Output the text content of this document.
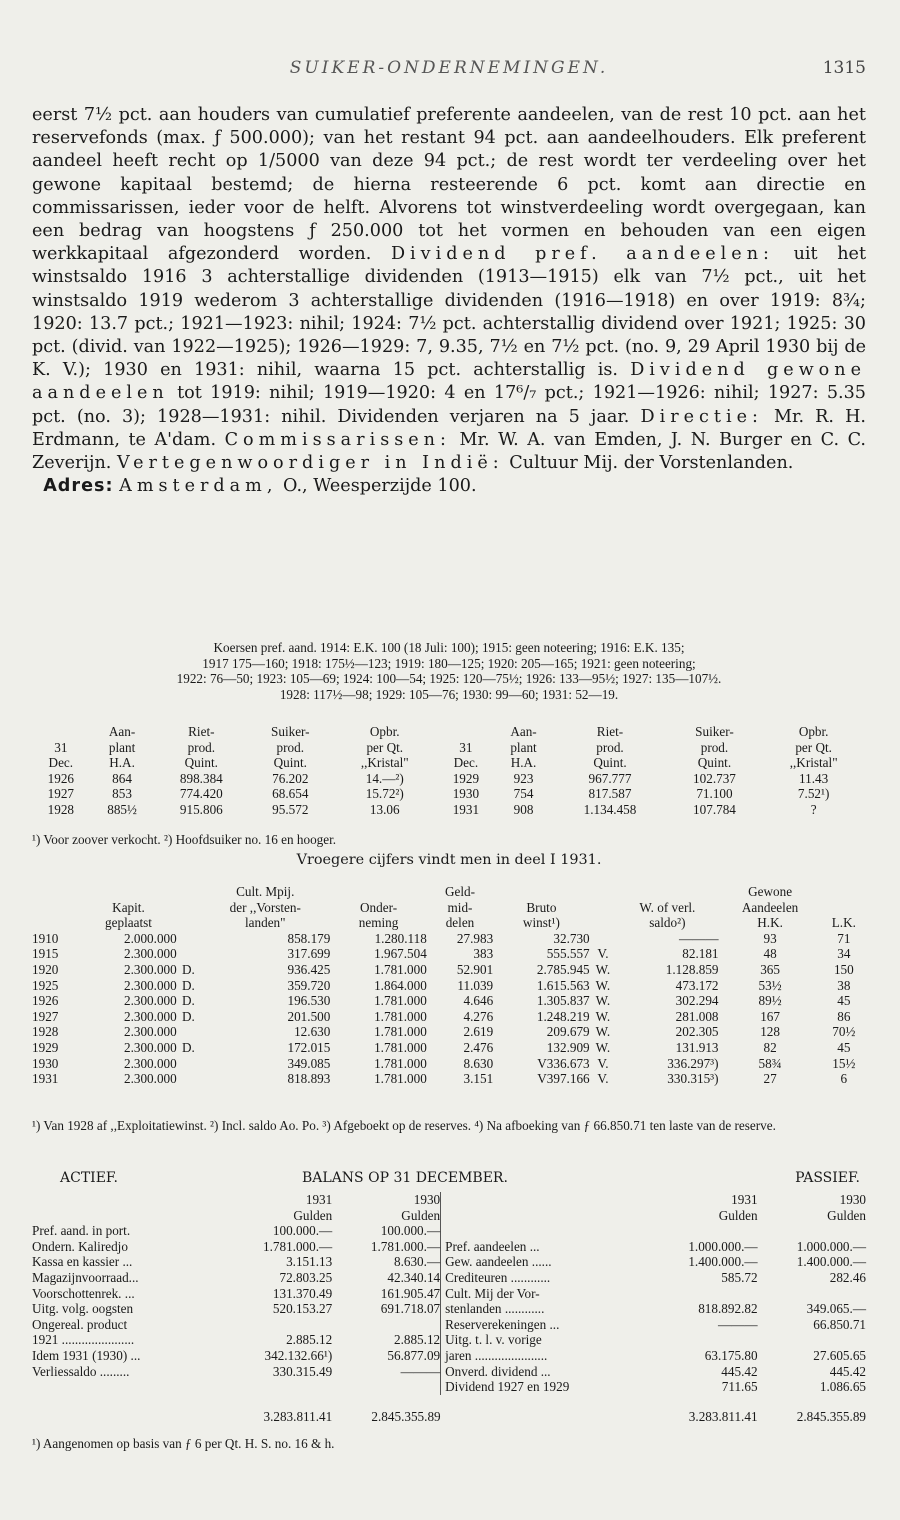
SUIKER-ONDERNEMINGEN.	1315

eerst 7½ pct. aan houders van cumulatief preferente aandeelen, van de rest 10 pct. aan het reservefonds (max. ƒ 500.000); van het restant 94 pct. aan aandeelhouders. Elk preferent aandeel heeft recht op 1/5000 van deze 94 pct.; de rest wordt ter verdeeling over het gewone kapitaal bestemd; de hierna resteerende 6 pct. komt aan directie en commissarissen, ieder voor de helft. Alvorens tot winstverdeeling wordt overgegaan, kan een bedrag van hoogstens ƒ 250.000 tot het vormen en behouden van een eigen werkkapitaal afgezonderd worden. Dividend pref. aandeelen: uit het winstsaldo 1916 3 achterstallige dividenden (1913—1915) elk van 7½ pct., uit het winstsaldo 1919 wederom 3 achterstallige dividenden (1916—1918) en over 1919: 8¾; 1920: 13.7 pct.; 1921—1923: nihil; 1924: 7½ pct. achterstallig dividend over 1921; 1925: 30 pct. (divid. van 1922—1925); 1926—1929: 7, 9.35, 7½ en 7½ pct. (no. 9, 29 April 1930 bij de K. V.); 1930 en 1931: nihil, waarna 15 pct. achterstallig is. Dividend gewone aandeelen tot 1919: nihil; 1919—1920: 4 en 17⁶/₇ pct.; 1921—1926: nihil; 1927: 5.35 pct. (no. 3); 1928—1931: nihil. Dividenden verjaren na 5 jaar. Directie: Mr. R. H. Erdmann, te A'dam. Commissarissen: Mr. W. A. van Emden, J. N. Burger en C. C. Zeverijn. Vertegenwoordiger in Indië: Cultuur Mij. der Vorstenlanden.

Adres: Amsterdam, O., Weesperzijde 100.

Koersen pref. aand. 1914: E.K. 100 (18 Juli: 100); 1915: geen noteering; 1916: E.K. 135;
1917 175—160; 1918: 175½—123; 1919: 180—125; 1920: 205—165; 1921: geen noteering;
1922: 76—50; 1923: 105—69; 1924: 100—54; 1925: 120—75½; 1926: 133—95½; 1927: 135—107½.
1928: 117½—98; 1929: 105—76; 1930: 99—60; 1931: 52—19.
	Aan-	Riet-	Suiker-	Opbr.		Aan-	Riet-	Suiker-	Opbr.
31	plant	prod.	prod.	per Qt.	31	plant	prod.	prod.	per Qt.
Dec.	H.A.	Quint.	Quint.	,,Kristal"	Dec.	H.A.	Quint.	Quint.	,,Kristal"
1926	864	898.384	76.202	14.—²)	1929	923	967.777	102.737	11.43
1927	853	774.420	68.654	15.72²)	1930	754	817.587	71.100	7.52¹)
1928	885½	915.806	95.572	13.06	1931	908	1.134.458	107.784	?
¹) Voor zoover verkocht. ²) Hoofdsuiker no. 16 en hooger.
Vroegere cijfers vindt men in deel I 1931.
			Cult. Mpij.		Geld-				Gewone	
	Kapit.		der ,,Vorsten-	Onder-	mid-	Bruto		W. of verl.	Aandeelen	
	geplaatst		landen"	neming	delen	winst¹)		saldo²)	H.K.	L.K.
1910	2.000.000		858.179	1.280.118	27.983	32.730		———	93	71
1915	2.300.000		317.699	1.967.504	383	555.557	V.	82.181	48	34
1920	2.300.000	D.	936.425	1.781.000	52.901	2.785.945	W.	1.128.859	365	150
1925	2.300.000	D.	359.720	1.864.000	11.039	1.615.563	W.	473.172	53½	38
1926	2.300.000	D.	196.530	1.781.000	4.646	1.305.837	W.	302.294	89½	45
1927	2.300.000	D.	201.500	1.781.000	4.276	1.248.219	W.	281.008	167	86
1928	2.300.000		12.630	1.781.000	2.619	209.679	W.	202.305	128	70½
1929	2.300.000	D.	172.015	1.781.000	2.476	132.909	W.	131.913	82	45
1930	2.300.000		349.085	1.781.000	8.630	V336.673	V.	336.297³)	58¾	15½
1931	2.300.000		818.893	1.781.000	3.151	V397.166	V.	330.315³)	27	6
¹) Van 1928 af ,,Exploitatiewinst. ²) Incl. saldo Ao. Po. ³) Afgeboekt op de reserves. ⁴) Na afboeking van ƒ 66.850.71 ten laste van de reserve.
ACTIEF.	BALANS OP 31 DECEMBER.	PASSIEF.
	1931	1930		1931	1930
	Gulden	Gulden		Gulden	Gulden
Pref. aand. in port.	100.000.—	100.000.—			
Ondern. Kaliredjo	1.781.000.—	1.781.000.—	Pref. aandeelen ...	1.000.000.—	1.000.000.—
Kassa en kassier ...	3.151.13	8.630.—	Gew. aandeelen ......	1.400.000.—	1.400.000.—
Magazijnvoorraad...	72.803.25	42.340.14	Crediteuren ............	585.72	282.46
Voorschottenrek. ...	131.370.49	161.905.47	Cult. Mij der Vor-		
Uitg. volg. oogsten	520.153.27	691.718.07	stenlanden ............	818.892.82	349.065.—
Ongereal. product			Reserverekeningen ...	———	66.850.71
1921 ......................	2.885.12	2.885.12	Uitg. t. l. v. vorige		
Idem 1931 (1930) ...	342.132.66¹)	56.877.09	jaren ......................	63.175.80	27.605.65
Verliessaldo .........	330.315.49	———	Onverd. dividend ...	445.42	445.42
			Dividend 1927 en 1929	711.65	1.086.65
	3.283.811.41	2.845.355.89		3.283.811.41	2.845.355.89
¹) Aangenomen op basis van ƒ 6 per Qt. H. S. no. 16 & h.
